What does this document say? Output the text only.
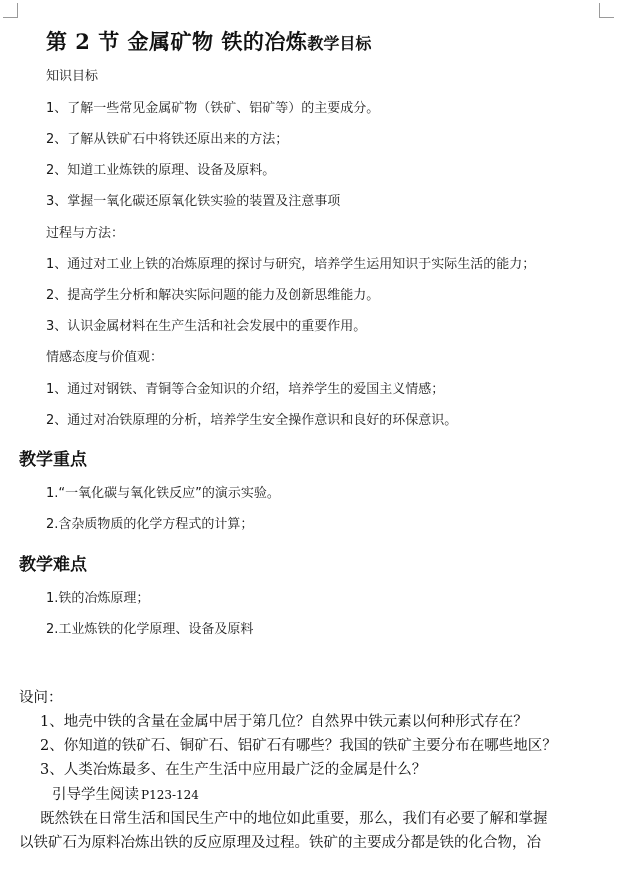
第 2 节 金属矿物 铁的冶炼教学目标
知识目标
1、了解一些常见金属矿物（铁矿、铝矿等）的主要成分。
2、了解从铁矿石中将铁还原出来的方法；
2、知道工业炼铁的原理、设备及原料。
3、掌握一氧化碳还原氧化铁实验的装置及注意事项
过程与方法：
1、通过对工业上铁的冶炼原理的探讨与研究，培养学生运用知识于实际生活的能力；
2、提高学生分析和解决实际问题的能力及创新思维能力。
3、认识金属材料在生产生活和社会发展中的重要作用。
情感态度与价值观：
1、通过对钢铁、青铜等合金知识的介绍，培养学生的爱国主义情感；
2、通过对冶铁原理的分析，培养学生安全操作意识和良好的环保意识。
教学重点
1.“一氧化碳与氧化铁反应”的演示实验。
2.含杂质物质的化学方程式的计算；
教学难点
1.铁的冶炼原理；
2.工业炼铁的化学原理、设备及原料
设问：
1、地壳中铁的含量在金属中居于第几位？自然界中铁元素以何种形式存在？
2、你知道的铁矿石、铜矿石、铝矿石有哪些？我国的铁矿主要分布在哪些地区？
3、人类冶炼最多、在生产生活中应用最广泛的金属是什么？
引导学生阅读 P123-124
既然铁在日常生活和国民生产中的地位如此重要，那么，我们有必要了解和掌握
以铁矿石为原料冶炼出铁的反应原理及过程。铁矿的主要成分都是铁的化合物，冶
